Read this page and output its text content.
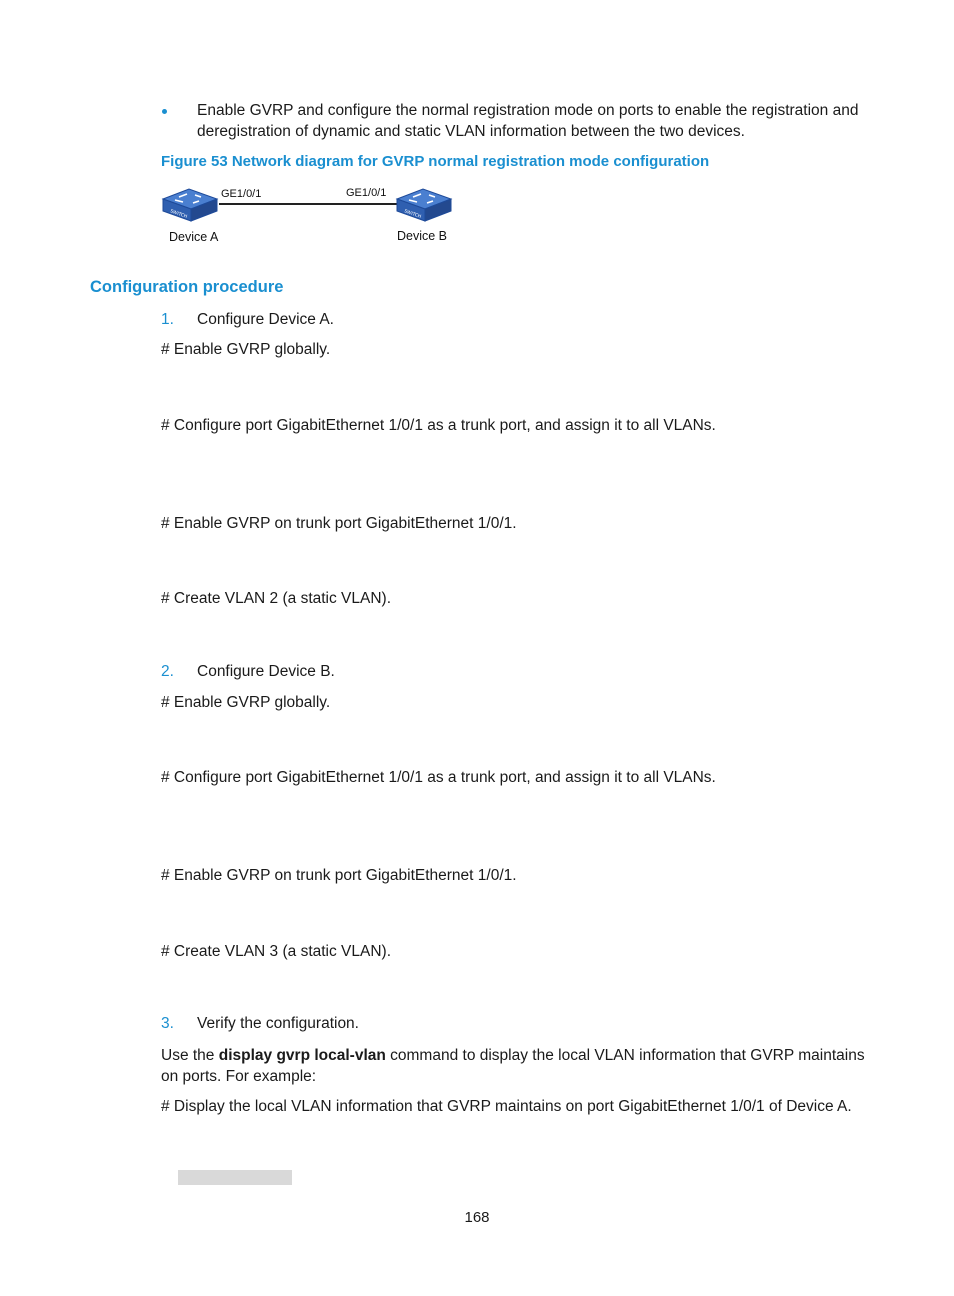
Enable GVRP and configure the normal registration mode on ports to enable the registration and deregistration of dynamic and static VLAN information between the two devices.
Figure 53 Network diagram for GVRP normal registration mode configuration
GE1/0/1	GE1/0/1
SWITCH	SWITCH
Device A	Device B
Configuration procedure
1. Configure Device A.
# Enable GVRP globally.
# Configure port GigabitEthernet 1/0/1 as a trunk port, and assign it to all VLANs.
# Enable GVRP on trunk port GigabitEthernet 1/0/1.
# Create VLAN 2 (a static VLAN).
2. Configure Device B.
# Enable GVRP globally.
# Configure port GigabitEthernet 1/0/1 as a trunk port, and assign it to all VLANs.
# Enable GVRP on trunk port GigabitEthernet 1/0/1.
# Create VLAN 3 (a static VLAN).
3. Verify the configuration.
Use the display gvrp local-vlan command to display the local VLAN information that GVRP maintains on ports. For example:
# Display the local VLAN information that GVRP maintains on port GigabitEthernet 1/0/1 of Device A.
168
